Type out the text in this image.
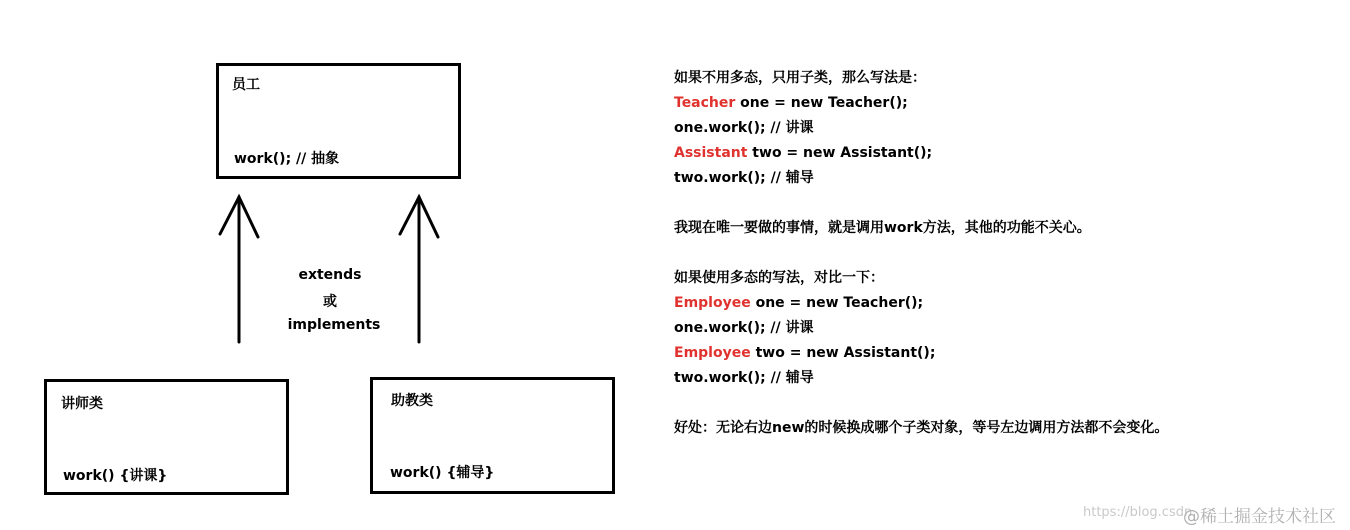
员工
work(); // 抽象
讲师类
work() {讲课}
助教类
work() {辅导}
extends
或
implements
如果不用多态，只用子类，那么写法是：
Teacher one = new Teacher();
one.work(); // 讲课
Assistant two = new Assistant();
two.work(); // 辅导
我现在唯一要做的事情，就是调用work方法，其他的功能不关心。
如果使用多态的写法，对比一下：
Employee one = new Teacher();
one.work(); // 讲课
Employee two = new Assistant();
two.work(); // 辅导
好处：无论右边new的时候换成哪个子类对象，等号左边调用方法都不会变化。
https://blog.csdn
@稀土掘金技术社区
